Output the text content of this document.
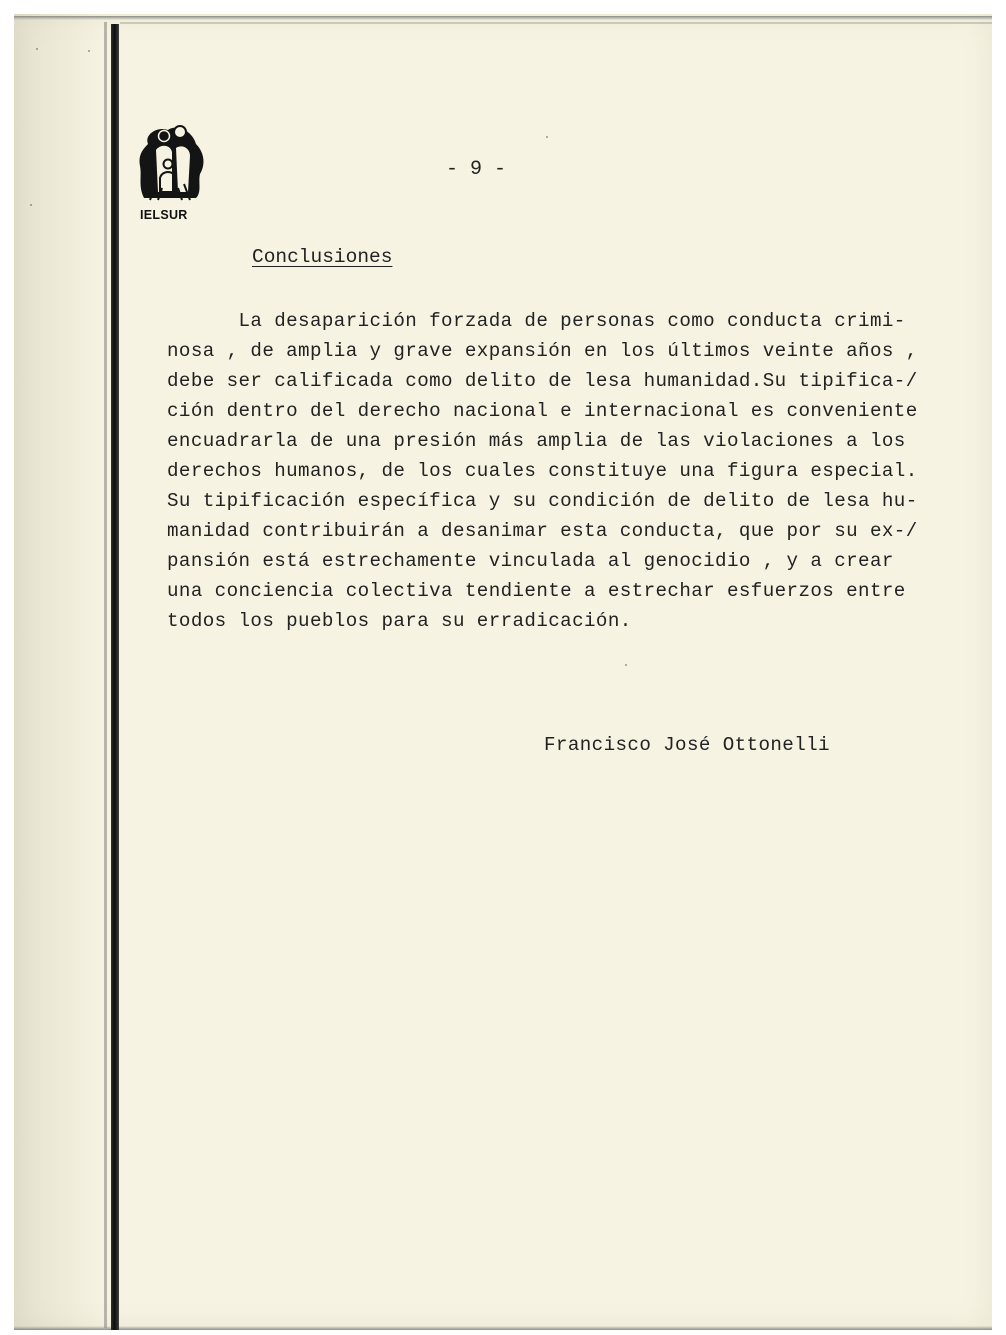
IELSUR
- 9 -
Conclusiones
La desaparición forzada de personas como conducta crimi-
nosa , de amplia y grave expansión en los últimos veinte años ,
debe ser calificada como delito de lesa humanidad.Su tipifica-/
ción dentro del derecho nacional e internacional es conveniente
encuadrarla de una presión más amplia de las violaciones a los
derechos humanos, de los cuales constituye una figura especial.
Su tipificación específica y su condición de delito de lesa hu-
manidad contribuirán a desanimar esta conducta, que por su ex-/
pansión está estrechamente vinculada al genocidio , y a crear
una conciencia colectiva tendiente a estrechar esfuerzos entre
todos los pueblos para su erradicación.
Francisco José Ottonelli
